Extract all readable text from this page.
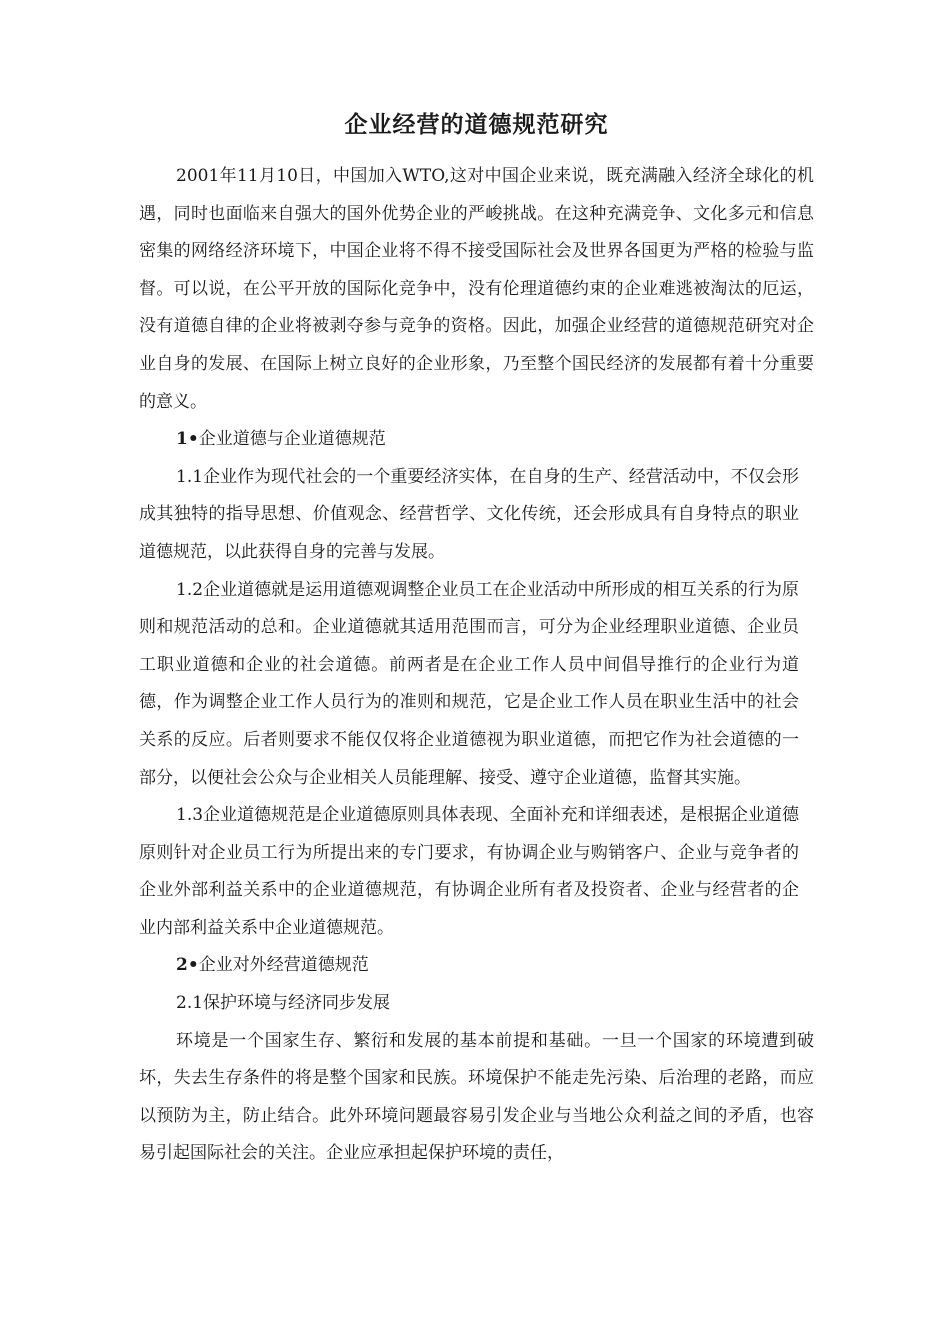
企业经营的道德规范研究

2001年11月10日，中国加入WTO,这对中国企业来说，既充满融入经济全球化的机遇，同时也面临来自强大的国外优势企业的严峻挑战。在这种充满竞争、文化多元和信息密集的网络经济环境下，中国企业将不得不接受国际社会及世界各国更为严格的检验与监督。可以说，在公平开放的国际化竞争中，没有伦理道德约束的企业难逃被淘汰的厄运，没有道德自律的企业将被剥夺参与竞争的资格。因此，加强企业经营的道德规范研究对企业自身的发展、在国际上树立良好的企业形象，乃至整个国民经济的发展都有着十分重要的意义。

1•企业道德与企业道德规范

1.1企业作为现代社会的一个重要经济实体，在自身的生产、经营活动中，不仅会形成其独特的指导思想、价值观念、经营哲学、文化传统，还会形成具有自身特点的职业道德规范，以此获得自身的完善与发展。

1.2企业道德就是运用道德观调整企业员工在企业活动中所形成的相互关系的行为原则和规范活动的总和。企业道德就其适用范围而言，可分为企业经理职业道德、企业员工职业道德和企业的社会道德。前两者是在企业工作人员中间倡导推行的企业行为道德，作为调整企业工作人员行为的准则和规范，它是企业工作人员在职业生活中的社会关系的反应。后者则要求不能仅仅将企业道德视为职业道德，而把它作为社会道德的一部分，以便社会公众与企业相关人员能理解、接受、遵守企业道德，监督其实施。

1.3企业道德规范是企业道德原则具体表现、全面补充和详细表述，是根据企业道德原则针对企业员工行为所提出来的专门要求，有协调企业与购销客户、企业与竞争者的企业外部利益关系中的企业道德规范，有协调企业所有者及投资者、企业与经营者的企业内部利益关系中企业道德规范。

2•企业对外经营道德规范

2.1保护环境与经济同步发展

环境是一个国家生存、繁衍和发展的基本前提和基础。一旦一个国家的环境遭到破坏，失去生存条件的将是整个国家和民族。环境保护不能走先污染、后治理的老路，而应以预防为主，防止结合。此外环境问题最容易引发企业与当地公众利益之间的矛盾，也容易引起国际社会的关注。企业应承担起保护环境的责任，
